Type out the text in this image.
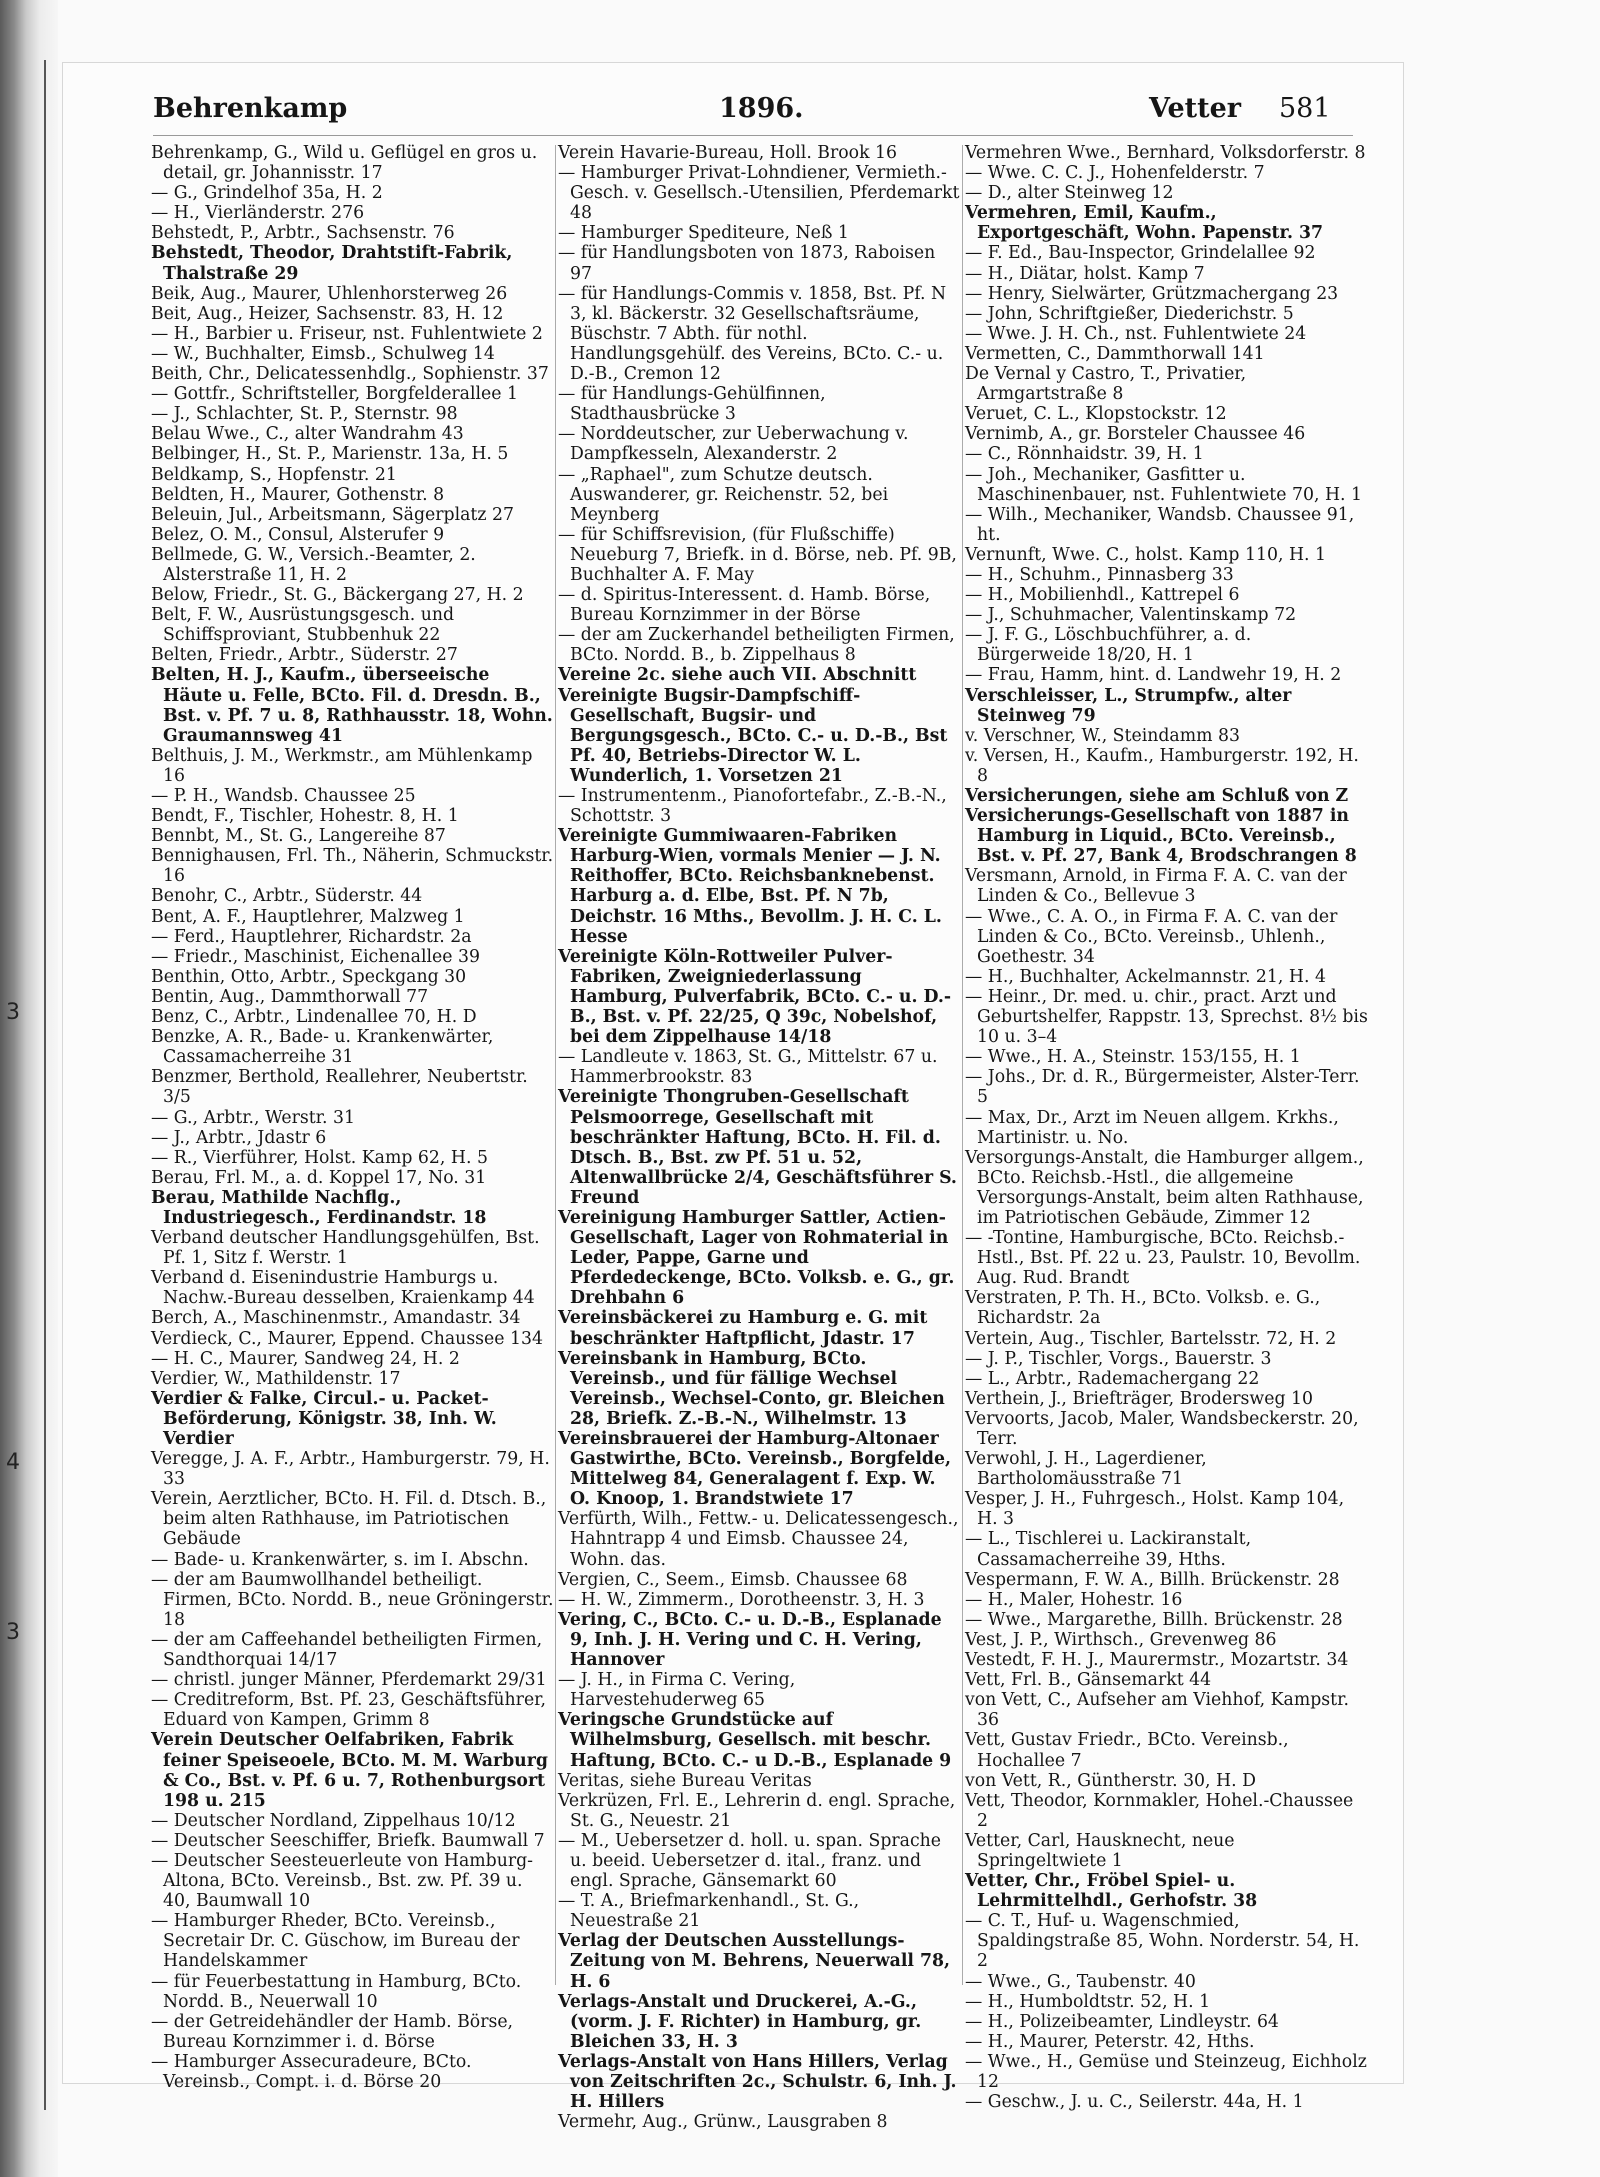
3
4
3
Behrenkamp	1896.	Vetter 581

Behrenkamp, G., Wild u. Geflügel en gros u. detail, gr. Johannisstr. 17

— G., Grindelhof 35a, H. 2

— H., Vierländerstr. 276

Behstedt, P., Arbtr., Sachsenstr. 76

Behstedt, Theodor, Drahtstift-Fabrik, Thalstraße 29

Beik, Aug., Maurer, Uhlenhorsterweg 26

Beit, Aug., Heizer, Sachsenstr. 83, H. 12

— H., Barbier u. Friseur, nst. Fuhlentwiete 2

— W., Buchhalter, Eimsb., Schulweg 14

Beith, Chr., Delicatessenhdlg., Sophienstr. 37

— Gottfr., Schriftsteller, Borgfelderallee 1

— J., Schlachter, St. P., Sternstr. 98

Belau Wwe., C., alter Wandrahm 43

Belbinger, H., St. P., Marienstr. 13a, H. 5

Beldkamp, S., Hopfenstr. 21

Beldten, H., Maurer, Gothenstr. 8

Beleuin, Jul., Arbeitsmann, Sägerplatz 27

Belez, O. M., Consul, Alsterufer 9

Bellmede, G. W., Versich.-Beamter, 2. Alsterstraße 11, H. 2

Below, Friedr., St. G., Bäckergang 27, H. 2

Belt, F. W., Ausrüstungsgesch. und Schiffsproviant, Stubbenhuk 22

Belten, Friedr., Arbtr., Süderstr. 27

Belten, H. J., Kaufm., überseeische Häute u. Felle, BCto. Fil. d. Dresdn. B., Bst. v. Pf. 7 u. 8, Rathhausstr. 18, Wohn. Graumannsweg 41

Belthuis, J. M., Werkmstr., am Mühlenkamp 16

— P. H., Wandsb. Chaussee 25

Bendt, F., Tischler, Hohestr. 8, H. 1

Bennbt, M., St. G., Langereihe 87

Bennighausen, Frl. Th., Näherin, Schmuckstr. 16

Benohr, C., Arbtr., Süderstr. 44

Bent, A. F., Hauptlehrer, Malzweg 1

— Ferd., Hauptlehrer, Richardstr. 2a

— Friedr., Maschinist, Eichenallee 39

Benthin, Otto, Arbtr., Speckgang 30

Bentin, Aug., Dammthorwall 77

Benz, C., Arbtr., Lindenallee 70, H. D

Benzke, A. R., Bade- u. Krankenwärter, Cassamacherreihe 31

Benzmer, Berthold, Reallehrer, Neubertstr. 3/5

— G., Arbtr., Werstr. 31

— J., Arbtr., Jdastr 6

— R., Vierführer, Holst. Kamp 62, H. 5

Berau, Frl. M., a. d. Koppel 17, No. 31

Berau, Mathilde Nachflg., Industriegesch., Ferdinandstr. 18

Verband deutscher Handlungsgehülfen, Bst. Pf. 1, Sitz f. Werstr. 1

Verband d. Eisenindustrie Hamburgs u. Nachw.-Bureau desselben, Kraienkamp 44

Berch, A., Maschinenmstr., Amandastr. 34

Verdieck, C., Maurer, Eppend. Chaussee 134

— H. C., Maurer, Sandweg 24, H. 2

Verdier, W., Mathildenstr. 17

Verdier & Falke, Circul.- u. Packet-Beförderung, Königstr. 38, Inh. W. Verdier

Veregge, J. A. F., Arbtr., Hamburgerstr. 79, H. 33

Verein, Aerztlicher, BCto. H. Fil. d. Dtsch. B., beim alten Rathhause, im Patriotischen Gebäude

— Bade- u. Krankenwärter, s. im I. Abschn.

— der am Baumwollhandel betheiligt. Firmen, BCto. Nordd. B., neue Gröningerstr. 18

— der am Caffeehandel betheiligten Firmen, Sandthorquai 14/17

— christl. junger Männer, Pferdemarkt 29/31

— Creditreform, Bst. Pf. 23, Geschäftsführer, Eduard von Kampen, Grimm 8

Verein Deutscher Oelfabriken, Fabrik feiner Speiseoele, BCto. M. M. Warburg & Co., Bst. v. Pf. 6 u. 7, Rothenburgsort 198 u. 215

— Deutscher Nordland, Zippelhaus 10/12

— Deutscher Seeschiffer, Briefk. Baumwall 7

— Deutscher Seesteuerleute von Hamburg-Altona, BCto. Vereinsb., Bst. zw. Pf. 39 u. 40, Baumwall 10

— Hamburger Rheder, BCto. Vereinsb., Secretair Dr. C. Güschow, im Bureau der Handelskammer

— für Feuerbestattung in Hamburg, BCto. Nordd. B., Neuerwall 10

— der Getreidehändler der Hamb. Börse, Bureau Kornzimmer i. d. Börse

— Hamburger Assecuradeure, BCto. Vereinsb., Compt. i. d. Börse 20

Verein Havarie-Bureau, Holl. Brook 16

— Hamburger Privat-Lohndiener, Vermieth.-Gesch. v. Gesellsch.-Utensilien, Pferdemarkt 48

— Hamburger Spediteure, Neß 1

— für Handlungsboten von 1873, Raboisen 97

— für Handlungs-Commis v. 1858, Bst. Pf. N 3, kl. Bäckerstr. 32 Gesellschaftsräume, Büschstr. 7 Abth. für nothl. Handlungsgehülf. des Vereins, BCto. C.- u. D.-B., Cremon 12

— für Handlungs-Gehülfinnen, Stadthausbrücke 3

— Norddeutscher, zur Ueberwachung v. Dampfkesseln, Alexanderstr. 2

— „Raphael", zum Schutze deutsch. Auswanderer, gr. Reichenstr. 52, bei Meynberg

— für Schiffsrevision, (für Flußschiffe) Neueburg 7, Briefk. in d. Börse, neb. Pf. 9B, Buchhalter A. F. May

— d. Spiritus-Interessent. d. Hamb. Börse, Bureau Kornzimmer in der Börse

— der am Zuckerhandel betheiligten Firmen, BCto. Nordd. B., b. Zippelhaus 8

Vereine 2c. siehe auch VII. Abschnitt

Vereinigte Bugsir-Dampfschiff-Gesellschaft, Bugsir- und Bergungsgesch., BCto. C.- u. D.-B., Bst Pf. 40, Betriebs-Director W. L. Wunderlich, 1. Vorsetzen 21

— Instrumentenm., Pianofortefabr., Z.-B.-N., Schottstr. 3

Vereinigte Gummiwaaren-Fabriken Harburg-Wien, vormals Menier — J. N. Reithoffer, BCto. Reichsbanknebenst. Harburg a. d. Elbe, Bst. Pf. N 7b, Deichstr. 16 Mths., Bevollm. J. H. C. L. Hesse

Vereinigte Köln-Rottweiler Pulver-Fabriken, Zweigniederlassung Hamburg, Pulverfabrik, BCto. C.- u. D.-B., Bst. v. Pf. 22/25, Q 39c, Nobelshof, bei dem Zippelhause 14/18

— Landleute v. 1863, St. G., Mittelstr. 67 u. Hammerbrookstr. 83

Vereinigte Thongruben-Gesellschaft Pelsmoorrege, Gesellschaft mit beschränkter Haftung, BCto. H. Fil. d. Dtsch. B., Bst. zw Pf. 51 u. 52, Altenwallbrücke 2/4, Geschäftsführer S. Freund

Vereinigung Hamburger Sattler, Actien-Gesellschaft, Lager von Rohmaterial in Leder, Pappe, Garne und Pferdedeckenge, BCto. Volksb. e. G., gr. Drehbahn 6

Vereinsbäckerei zu Hamburg e. G. mit beschränkter Haftpflicht, Jdastr. 17

Vereinsbank in Hamburg, BCto. Vereinsb., und für fällige Wechsel Vereinsb., Wechsel-Conto, gr. Bleichen 28, Briefk. Z.-B.-N., Wilhelmstr. 13

Vereinsbrauerei der Hamburg-Altonaer Gastwirthe, BCto. Vereinsb., Borgfelde, Mittelweg 84, Generalagent f. Exp. W. O. Knoop, 1. Brandstwiete 17

Verfürth, Wilh., Fettw.- u. Delicatessengesch., Hahntrapp 4 und Eimsb. Chaussee 24, Wohn. das.

Vergien, C., Seem., Eimsb. Chaussee 68

— H. W., Zimmerm., Dorotheenstr. 3, H. 3

Vering, C., BCto. C.- u. D.-B., Esplanade 9, Inh. J. H. Vering und C. H. Vering, Hannover

— J. H., in Firma C. Vering, Harvestehuderweg 65

Veringsche Grundstücke auf Wilhelmsburg, Gesellsch. mit beschr. Haftung, BCto. C.- u D.-B., Esplanade 9

Veritas, siehe Bureau Veritas

Verkrüzen, Frl. E., Lehrerin d. engl. Sprache, St. G., Neuestr. 21

— M., Uebersetzer d. holl. u. span. Sprache u. beeid. Uebersetzer d. ital., franz. und engl. Sprache, Gänsemarkt 60

— T. A., Briefmarkenhandl., St. G., Neuestraße 21

Verlag der Deutschen Ausstellungs-Zeitung von M. Behrens, Neuerwall 78, H. 6

Verlags-Anstalt und Druckerei, A.-G., (vorm. J. F. Richter) in Hamburg, gr. Bleichen 33, H. 3

Verlags-Anstalt von Hans Hillers, Verlag von Zeitschriften 2c., Schulstr. 6, Inh. J. H. Hillers

Vermehr, Aug., Grünw., Lausgraben 8

Vermehren Wwe., Bernhard, Volksdorferstr. 8

— Wwe. C. C. J., Hohenfelderstr. 7

— D., alter Steinweg 12

Vermehren, Emil, Kaufm., Exportgeschäft, Wohn. Papenstr. 37

— F. Ed., Bau-Inspector, Grindelallee 92

— H., Diätar, holst. Kamp 7

— Henry, Sielwärter, Grützmachergang 23

— John, Schriftgießer, Diederichstr. 5

— Wwe. J. H. Ch., nst. Fuhlentwiete 24

Vermetten, C., Dammthorwall 141

De Vernal y Castro, T., Privatier, Armgartstraße 8

Veruet, C. L., Klopstockstr. 12

Vernimb, A., gr. Borsteler Chaussee 46

— C., Rönnhaidstr. 39, H. 1

— Joh., Mechaniker, Gasfitter u. Maschinenbauer, nst. Fuhlentwiete 70, H. 1

— Wilh., Mechaniker, Wandsb. Chaussee 91, ht.

Vernunft, Wwe. C., holst. Kamp 110, H. 1

— H., Schuhm., Pinnasberg 33

— H., Mobilienhdl., Kattrepel 6

— J., Schuhmacher, Valentinskamp 72

— J. F. G., Löschbuchführer, a. d. Bürgerweide 18/20, H. 1

— Frau, Hamm, hint. d. Landwehr 19, H. 2

Verschleisser, L., Strumpfw., alter Steinweg 79

v. Verschner, W., Steindamm 83

v. Versen, H., Kaufm., Hamburgerstr. 192, H. 8

Versicherungen, siehe am Schluß von Z

Versicherungs-Gesellschaft von 1887 in Hamburg in Liquid., BCto. Vereinsb., Bst. v. Pf. 27, Bank 4, Brodschrangen 8

Versmann, Arnold, in Firma F. A. C. van der Linden & Co., Bellevue 3

— Wwe., C. A. O., in Firma F. A. C. van der Linden & Co., BCto. Vereinsb., Uhlenh., Goethestr. 34

— H., Buchhalter, Ackelmannstr. 21, H. 4

— Heinr., Dr. med. u. chir., pract. Arzt und Geburtshelfer, Rappstr. 13, Sprechst. 8½ bis 10 u. 3–4

— Wwe., H. A., Steinstr. 153/155, H. 1

— Johs., Dr. d. R., Bürgermeister, Alster-Terr. 5

— Max, Dr., Arzt im Neuen allgem. Krkhs., Martinistr. u. No.

Versorgungs-Anstalt, die Hamburger allgem., BCto. Reichsb.-Hstl., die allgemeine Versorgungs-Anstalt, beim alten Rathhause, im Patriotischen Gebäude, Zimmer 12

— -Tontine, Hamburgische, BCto. Reichsb.-Hstl., Bst. Pf. 22 u. 23, Paulstr. 10, Bevollm. Aug. Rud. Brandt

Verstraten, P. Th. H., BCto. Volksb. e. G., Richardstr. 2a

Vertein, Aug., Tischler, Bartelsstr. 72, H. 2

— J. P., Tischler, Vorgs., Bauerstr. 3

— L., Arbtr., Rademachergang 22

Verthein, J., Briefträger, Brodersweg 10

Vervoorts, Jacob, Maler, Wandsbeckerstr. 20, Terr.

Verwohl, J. H., Lagerdiener, Bartholomäusstraße 71

Vesper, J. H., Fuhrgesch., Holst. Kamp 104, H. 3

— L., Tischlerei u. Lackiranstalt, Cassamacherreihe 39, Hths.

Vespermann, F. W. A., Billh. Brückenstr. 28

— H., Maler, Hohestr. 16

— Wwe., Margarethe, Billh. Brückenstr. 28

Vest, J. P., Wirthsch., Grevenweg 86

Vestedt, F. H. J., Maurermstr., Mozartstr. 34

Vett, Frl. B., Gänsemarkt 44

von Vett, C., Aufseher am Viehhof, Kampstr. 36

Vett, Gustav Friedr., BCto. Vereinsb., Hochallee 7

von Vett, R., Güntherstr. 30, H. D

Vett, Theodor, Kornmakler, Hohel.-Chaussee 2

Vetter, Carl, Hausknecht, neue Springeltwiete 1

Vetter, Chr., Fröbel Spiel- u. Lehrmittelhdl., Gerhofstr. 38

— C. T., Huf- u. Wagenschmied, Spaldingstraße 85, Wohn. Norderstr. 54, H. 2

— Wwe., G., Taubenstr. 40

— H., Humboldtstr. 52, H. 1

— H., Polizeibeamter, Lindleystr. 64

— H., Maurer, Peterstr. 42, Hths.

— Wwe., H., Gemüse und Steinzeug, Eichholz 12

— Geschw., J. u. C., Seilerstr. 44a, H. 1
